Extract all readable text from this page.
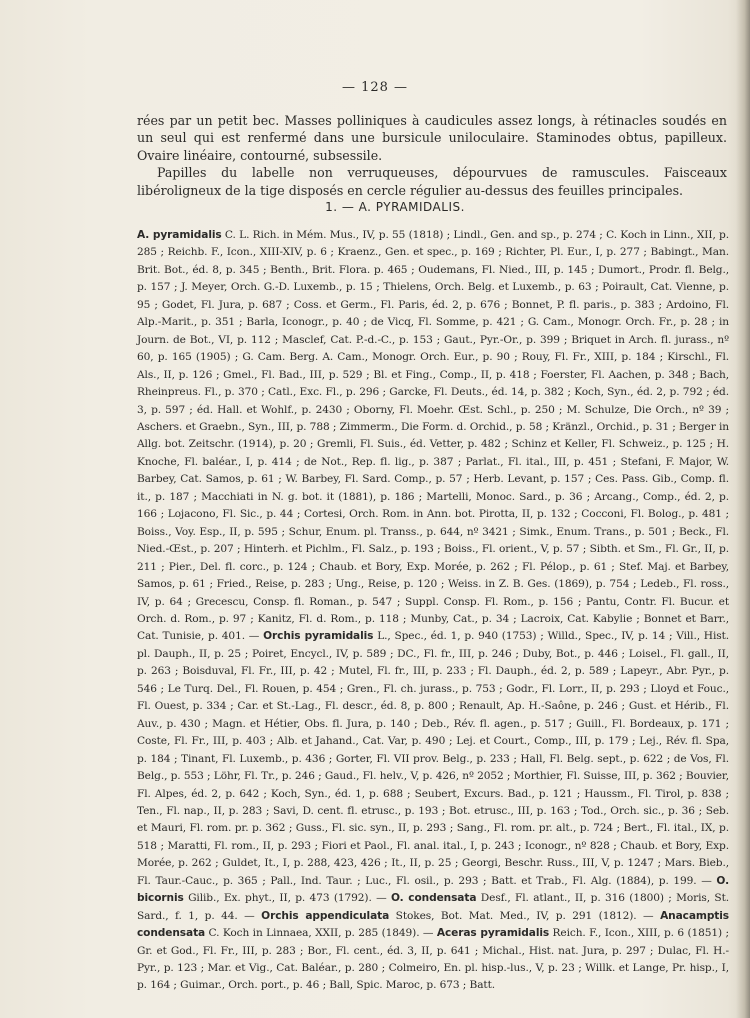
— 128 —

rées par un petit bec. Masses polliniques à caudicules assez longs, à rétinacles soudés en un seul qui est renfermé dans une bursicule uniloculaire. Staminodes obtus, papilleux. Ovaire linéaire, contourné, subsessile.

Papilles du labelle non verruqueuses, dépourvues de ramuscules. Faisceaux libéroligneux de la tige disposés en cercle régulier au-dessus des feuilles principales.

1. — A. PYRAMIDALIS.
A. pyramidalis C. L. Rich. in Mém. Mus., IV, p. 55 (1818) ; Lindl., Gen. and sp., p. 274 ; C. Koch in Linn., XII, p. 285 ; Reichb. F., Icon., XIII-XIV, p. 6 ; Kraenz., Gen. et spec., p. 169 ; Richter, Pl. Eur., I, p. 277 ; Babingt., Man. Brit. Bot., éd. 8, p. 345 ; Benth., Brit. Flora. p. 465 ; Oudemans, Fl. Nied., III, p. 145 ; Dumort., Prodr. fl. Belg., p. 157 ; J. Meyer, Orch. G.-D. Luxemb., p. 15 ; Thielens, Orch. Belg. et Luxemb., p. 63 ; Poirault, Cat. Vienne, p. 95 ; Godet, Fl. Jura, p. 687 ; Coss. et Germ., Fl. Paris, éd. 2, p. 676 ; Bonnet, P. fl. paris., p. 383 ; Ardoino, Fl. Alp.-Marit., p. 351 ; Barla, Iconogr., p. 40 ; de Vicq, Fl. Somme, p. 421 ; G. Cam., Monogr. Orch. Fr., p. 28 ; in Journ. de Bot., VI, p. 112 ; Masclef, Cat. P.-d.-C., p. 153 ; Gaut., Pyr.-Or., p. 399 ; Briquet in Arch. fl. jurass., nº 60, p. 165 (1905) ; G. Cam. Berg. A. Cam., Monogr. Orch. Eur., p. 90 ; Rouy, Fl. Fr., XIII, p. 184 ; Kirschl., Fl. Als., II, p. 126 ; Gmel., Fl. Bad., III, p. 529 ; Bl. et Fing., Comp., II, p. 418 ; Foerster, Fl. Aachen, p. 348 ; Bach, Rheinpreus. Fl., p. 370 ; Catl., Exc. Fl., p. 296 ; Garcke, Fl. Deuts., éd. 14, p. 382 ; Koch, Syn., éd. 2, p. 792 ; éd. 3, p. 597 ; éd. Hall. et Wohlf., p. 2430 ; Oborny, Fl. Moehr. Œst. Schl., p. 250 ; M. Schulze, Die Orch., nº 39 ; Aschers. et Graebn., Syn., III, p. 788 ; Zimmerm., Die Form. d. Orchid., p. 58 ; Kränzl., Orchid., p. 31 ; Berger in Allg. bot. Zeitschr. (1914), p. 20 ; Gremli, Fl. Suis., éd. Vetter, p. 482 ; Schinz et Keller, Fl. Schweiz., p. 125 ; H. Knoche, Fl. baléar., I, p. 414 ; de Not., Rep. fl. lig., p. 387 ; Parlat., Fl. ital., III, p. 451 ; Stefani, F. Major, W. Barbey, Cat. Samos, p. 61 ; W. Barbey, Fl. Sard. Comp., p. 57 ; Herb. Levant, p. 157 ; Ces. Pass. Gib., Comp. fl. it., p. 187 ; Macchiati in N. g. bot. it (1881), p. 186 ; Martelli, Monoc. Sard., p. 36 ; Arcang., Comp., éd. 2, p. 166 ; Lojacono, Fl. Sic., p. 44 ; Cortesi, Orch. Rom. in Ann. bot. Pirotta, II, p. 132 ; Cocconi, Fl. Bolog., p. 481 ; Boiss., Voy. Esp., II, p. 595 ; Schur, Enum. pl. Transs., p. 644, nº 3421 ; Simk., Enum. Trans., p. 501 ; Beck., Fl. Nied.-Œst., p. 207 ; Hinterh. et Pichlm., Fl. Salz., p. 193 ; Boiss., Fl. orient., V, p. 57 ; Sibth. et Sm., Fl. Gr., II, p. 211 ; Pier., Del. fl. corc., p. 124 ; Chaub. et Bory, Exp. Morée, p. 262 ; Fl. Pélop., p. 61 ; Stef. Maj. et Barbey, Samos, p. 61 ; Fried., Reise, p. 283 ; Ung., Reise, p. 120 ; Weiss. in Z. B. Ges. (1869), p. 754 ; Ledeb., Fl. ross., IV, p. 64 ; Grecescu, Consp. fl. Roman., p. 547 ; Suppl. Consp. Fl. Rom., p. 156 ; Pantu, Contr. Fl. Bucur. et Orch. d. Rom., p. 97 ; Kanitz, Fl. d. Rom., p. 118 ; Munby, Cat., p. 34 ; Lacroix, Cat. Kabylie ; Bonnet et Barr., Cat. Tunisie, p. 401. — Orchis pyramidalis L., Spec., éd. 1, p. 940 (1753) ; Willd., Spec., IV, p. 14 ; Vill., Hist. pl. Dauph., II, p. 25 ; Poiret, Encycl., IV, p. 589 ; DC., Fl. fr., III, p. 246 ; Duby, Bot., p. 446 ; Loisel., Fl. gall., II, p. 263 ; Boisduval, Fl. Fr., III, p. 42 ; Mutel, Fl. fr., III, p. 233 ; Fl. Dauph., éd. 2, p. 589 ; Lapeyr., Abr. Pyr., p. 546 ; Le Turq. Del., Fl. Rouen, p. 454 ; Gren., Fl. ch. jurass., p. 753 ; Godr., Fl. Lorr., II, p. 293 ; Lloyd et Fouc., Fl. Ouest, p. 334 ; Car. et St.-Lag., Fl. descr., éd. 8, p. 800 ; Renault, Ap. H.-Saône, p. 246 ; Gust. et Hérib., Fl. Auv., p. 430 ; Magn. et Hétier, Obs. fl. Jura, p. 140 ; Deb., Rév. fl. agen., p. 517 ; Guill., Fl. Bordeaux, p. 171 ; Coste, Fl. Fr., III, p. 403 ; Alb. et Jahand., Cat. Var, p. 490 ; Lej. et Court., Comp., III, p. 179 ; Lej., Rév. fl. Spa, p. 184 ; Tinant, Fl. Luxemb., p. 436 ; Gorter, Fl. VII prov. Belg., p. 233 ; Hall, Fl. Belg. sept., p. 622 ; de Vos, Fl. Belg., p. 553 ; Löhr, Fl. Tr., p. 246 ; Gaud., Fl. helv., V, p. 426, nº 2052 ; Morthier, Fl. Suisse, III, p. 362 ; Bouvier, Fl. Alpes, éd. 2, p. 642 ; Koch, Syn., éd. 1, p. 688 ; Seubert, Excurs. Bad., p. 121 ; Haussm., Fl. Tirol, p. 838 ; Ten., Fl. nap., II, p. 283 ; Savi, D. cent. fl. etrusc., p. 193 ; Bot. etrusc., III, p. 163 ; Tod., Orch. sic., p. 36 ; Seb. et Mauri, Fl. rom. pr. p. 362 ; Guss., Fl. sic. syn., II, p. 293 ; Sang., Fl. rom. pr. alt., p. 724 ; Bert., Fl. ital., IX, p. 518 ; Maratti, Fl. rom., II, p. 293 ; Fiori et Paol., Fl. anal. ital., I, p. 243 ; Iconogr., nº 828 ; Chaub. et Bory, Exp. Morée, p. 262 ; Guldet, It., I, p. 288, 423, 426 ; It., II, p. 25 ; Georgi, Beschr. Russ., III, V, p. 1247 ; Mars. Bieb., Fl. Taur.-Cauc., p. 365 ; Pall., Ind. Taur. ; Luc., Fl. osil., p. 293 ; Batt. et Trab., Fl. Alg. (1884), p. 199. — O. bicornis Gilib., Ex. phyt., II, p. 473 (1792). — O. condensata Desf., Fl. atlant., II, p. 316 (1800) ; Moris, St. Sard., f. 1, p. 44. — Orchis appendiculata Stokes, Bot. Mat. Med., IV, p. 291 (1812). — Anacamptis condensata C. Koch in Linnaea, XXII, p. 285 (1849). — Aceras pyramidalis Reich. F., Icon., XIII, p. 6 (1851) ; Gr. et God., Fl. Fr., III, p. 283 ; Bor., Fl. cent., éd. 3, II, p. 641 ; Michal., Hist. nat. Jura, p. 297 ; Dulac, Fl. H.-Pyr., p. 123 ; Mar. et Vig., Cat. Baléar., p. 280 ; Colmeiro, En. pl. hisp.-lus., V, p. 23 ; Willk. et Lange, Pr. hisp., I, p. 164 ; Guimar., Orch. port., p. 46 ; Ball, Spic. Maroc, p. 673 ; Batt.
